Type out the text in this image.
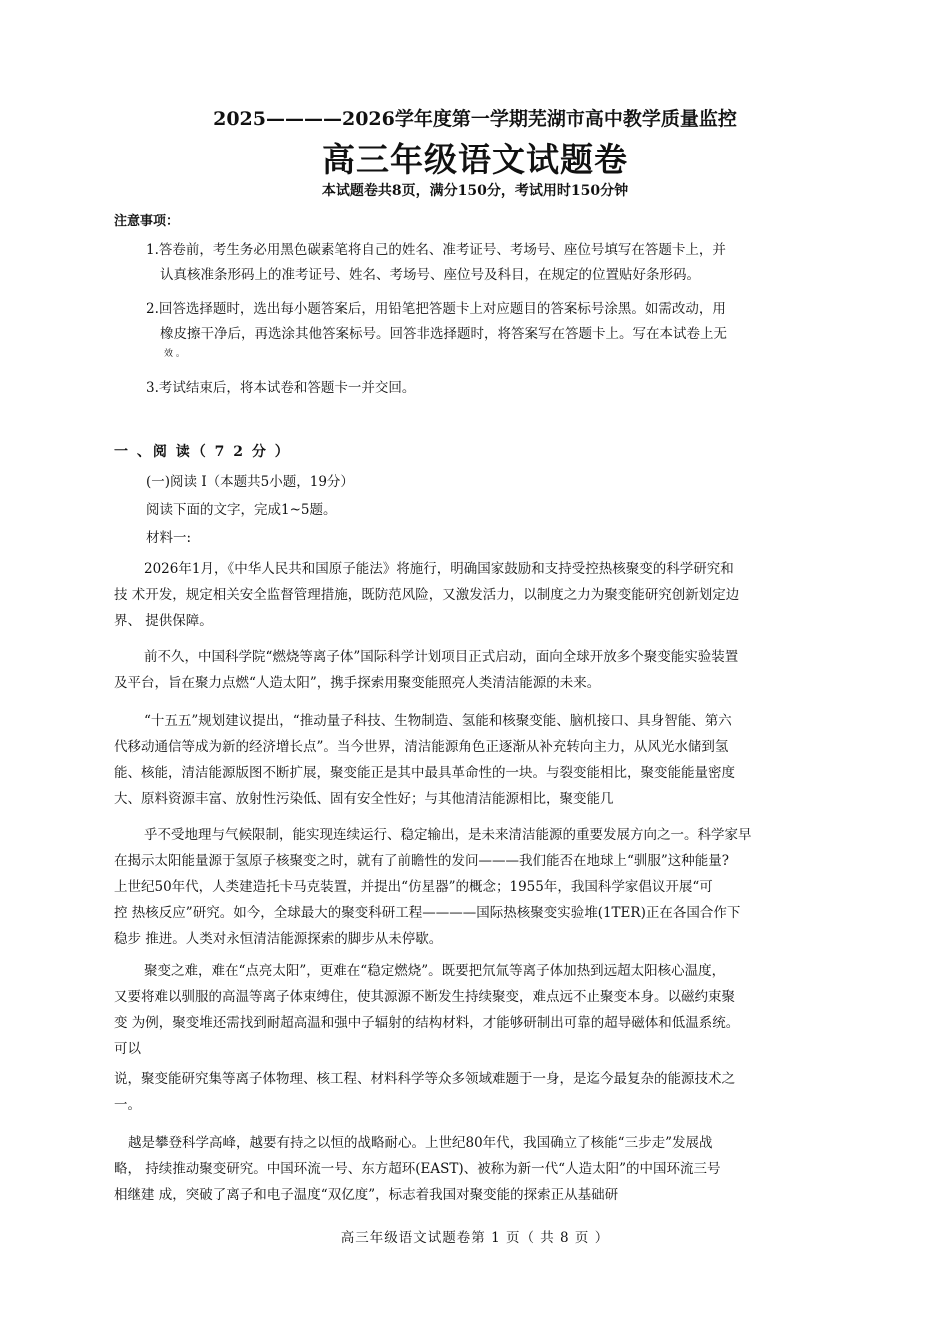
2025————2026学年度第一学期芜湖市高中教学质量监控
高三年级语文试题卷
本试题卷共8页，满分150分，考试用时150分钟
注意事项：
1.答卷前，考生务必用黑色碳素笔将自己的姓名、准考证号、考场号、座位号填写在答题卡上，并
认真核准条形码上的准考证号、姓名、考场号、座位号及科目，在规定的位置贴好条形码。
2.回答选择题时，选出每小题答案后，用铅笔把答题卡上对应题目的答案标号涂黑。如需改动，用
橡皮擦干净后，再选涂其他答案标号。回答非选择题时，将答案写在答题卡上。写在本试卷上无
效 。
3.考试结束后，将本试卷和答题卡一并交回。
一 、阅 读（ 7 2 分 ）
(一)阅读 Ⅰ（本题共5小题，19分）
阅读下面的文字，完成1~5题。
材料一:
2026年1月，《中华人民共和国原子能法》将施行，明确国家鼓励和支持受控热核聚变的科学研究和
技 术开发，规定相关安全监督管理措施，既防范风险，又激发活力，以制度之力为聚变能研究创新划定边
界、 提供保障。
前不久，中国科学院“燃烧等离子体”国际科学计划项目正式启动，面向全球开放多个聚变能实验装置
及平台，旨在聚力点燃“人造太阳”，携手探索用聚变能照亮人类清洁能源的未来。
“十五五”规划建议提出，“推动量子科技、生物制造、氢能和核聚变能、脑机接口、具身智能、第六
代移动通信等成为新的经济增长点”。当今世界，清洁能源角色正逐渐从补充转向主力，从风光水储到氢
能、核能，清洁能源版图不断扩展，聚变能正是其中最具革命性的一块。与裂变能相比，聚变能能量密度
大、原料资源丰富、放射性污染低、固有安全性好；与其他清洁能源相比，聚变能几
乎不受地理与气候限制，能实现连续运行、稳定输出，是未来清洁能源的重要发展方向之一。科学家早
在揭示太阳能量源于氢原子核聚变之时，就有了前瞻性的发问———我们能否在地球上“驯服”这种能量?
上世纪50年代，人类建造托卡马克装置，并提出“仿星器”的概念；1955年，我国科学家倡议开展“可
控 热核反应”研究。如今，全球最大的聚变科研工程————国际热核聚变实验堆(1TER)正在各国合作下
稳步 推进。人类对永恒清洁能源探索的脚步从未停歇。
聚变之难，难在“点亮太阳”，更难在“稳定燃烧”。既要把氘氚等离子体加热到远超太阳核心温度，
又要将难以驯服的高温等离子体束缚住，使其源源不断发生持续聚变，难点远不止聚变本身。以磁约束聚
变 为例，聚变堆还需找到耐超高温和强中子辐射的结构材料，才能够研制出可靠的超导磁体和低温系统。
可以
说，聚变能研究集等离子体物理、核工程、材料科学等众多领域难题于一身，是迄今最复杂的能源技术之
一。
越是攀登科学高峰，越要有持之以恒的战略耐心。上世纪80年代，我国确立了核能“三步走”发展战
略， 持续推动聚变研究。中国环流一号、东方超环(EAST)、被称为新一代“人造太阳”的中国环流三号
相继建 成，突破了离子和电子温度“双亿度”，标志着我国对聚变能的探索正从基础研
高三年级语文试题卷第 1 页（ 共 8 页 ）
